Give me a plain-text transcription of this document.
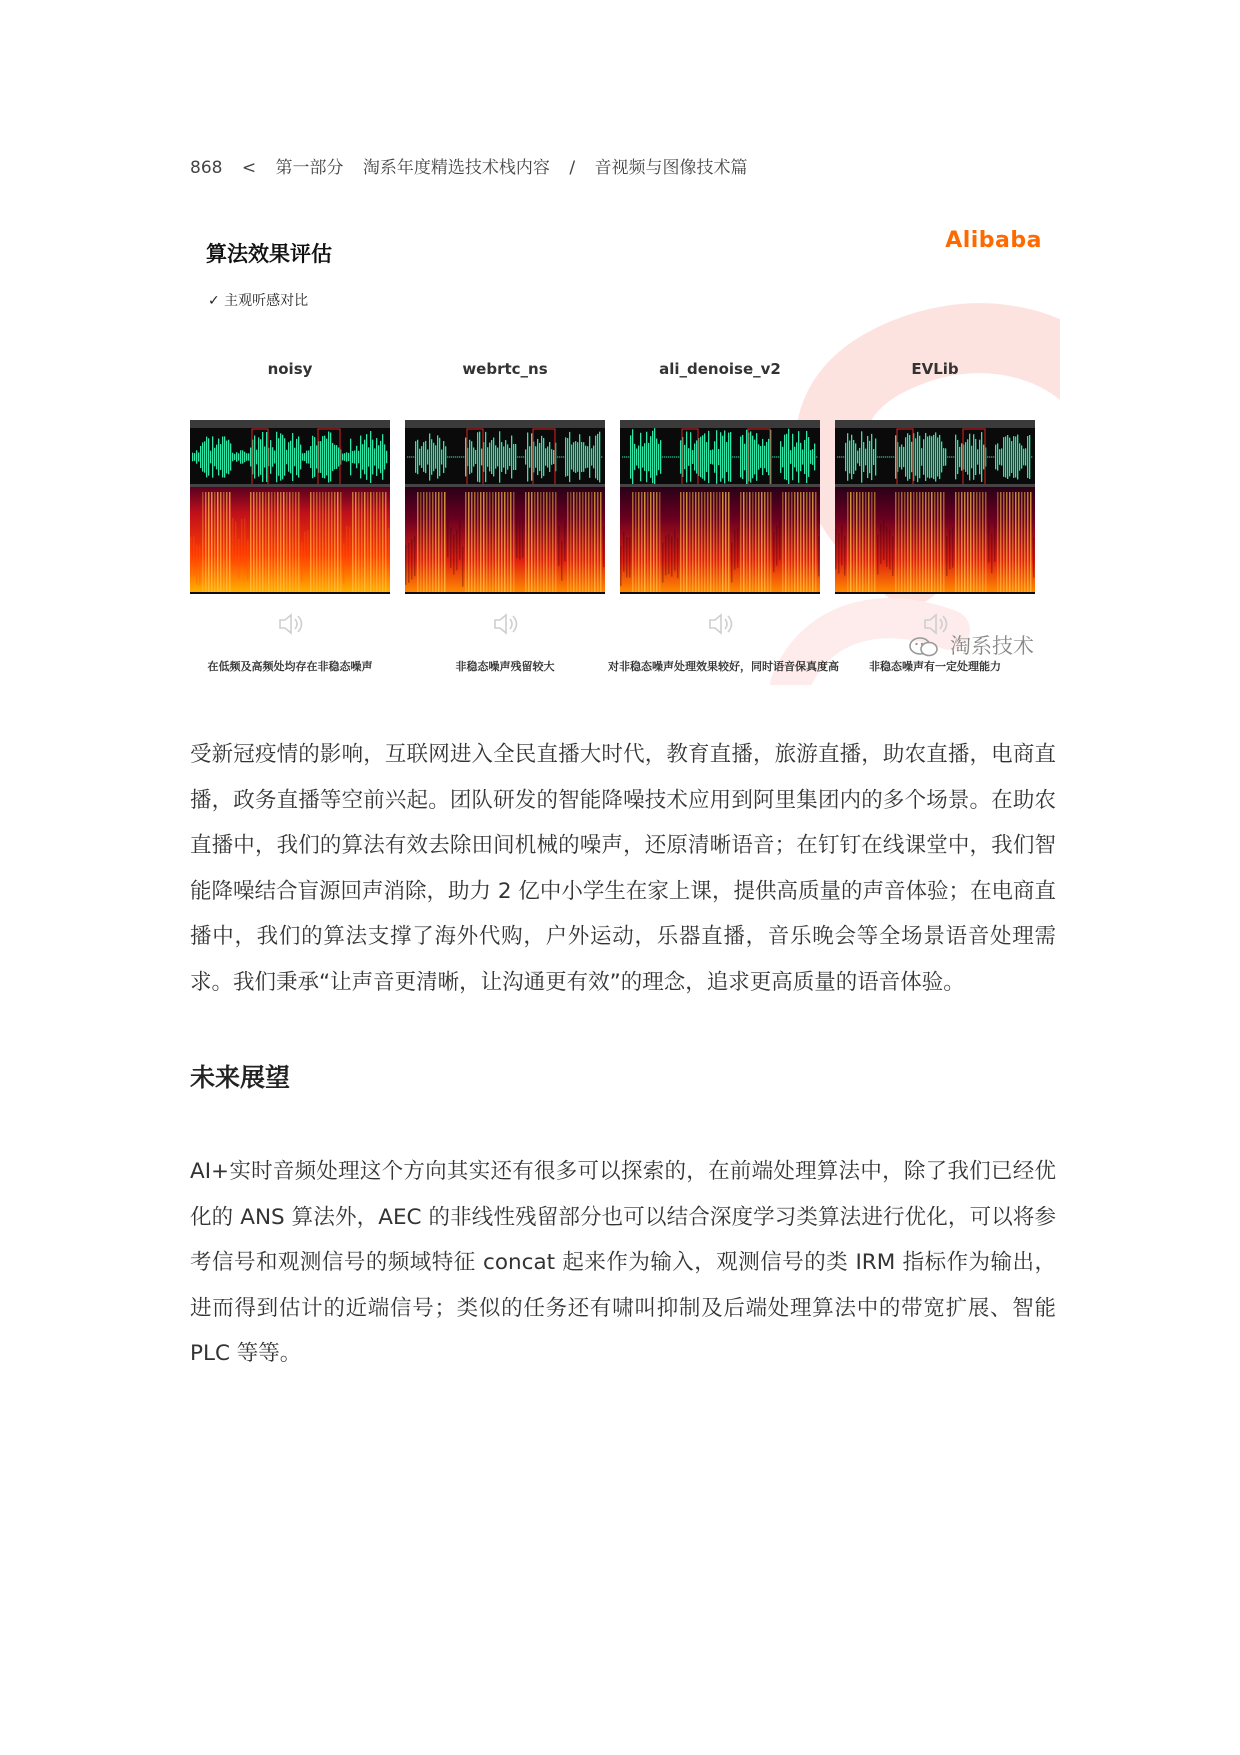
868 < 第一部分 淘系年度精选技术栈内容 / 音视频与图像技术篇
算法效果评估
✓ 主观听感对比
Alibaba
noisy
在低频及高频处均存在非稳态噪声
webrtc_ns
非稳态噪声残留较大
ali_denoise_v2
对非稳态噪声处理效果较好，同时语音保真度高
EVLib
非稳态噪声有一定处理能力
淘系技术
受新冠疫情的影响，互联网进入全民直播大时代，教育直播，旅游直播，助农直播，电商直播，政务直播等空前兴起。团队研发的智能降噪技术应用到阿里集团内的多个场景。在助农直播中，我们的算法有效去除田间机械的噪声，还原清晰语音；在钉钉在线课堂中，我们智能降噪结合盲源回声消除，助力 2 亿中小学生在家上课，提供高质量的声音体验；在电商直播中，我们的算法支撑了海外代购，户外运动，乐器直播，音乐晚会等全场景语音处理需求。我们秉承“让声音更清晰，让沟通更有效”的理念，追求更高质量的语音体验。
未来展望
AI+实时音频处理这个方向其实还有很多可以探索的，在前端处理算法中，除了我们已经优化的 ANS 算法外，AEC 的非线性残留部分也可以结合深度学习类算法进行优化，可以将参考信号和观测信号的频域特征 concat 起来作为输入，观测信号的类 IRM 指标作为输出，进而得到估计的近端信号；类似的任务还有啸叫抑制及后端处理算法中的带宽扩展、智能 PLC 等等。
